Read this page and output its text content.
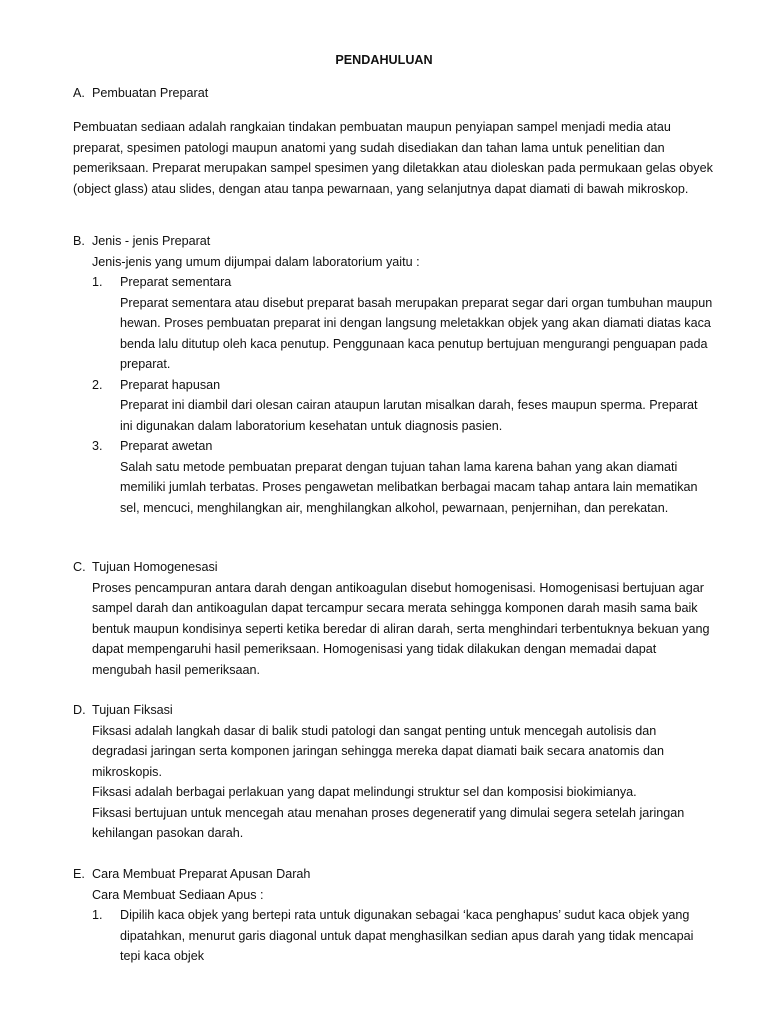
PENDAHULUAN
A. Pembuatan Preparat

Pembuatan sediaan adalah rangkaian tindakan pembuatan maupun penyiapan sampel menjadi media atau preparat, spesimen patologi maupun anatomi yang sudah disediakan dan tahan lama untuk penelitian dan pemeriksaan. Preparat merupakan sampel spesimen yang diletakkan atau dioleskan pada permukaan gelas obyek (object glass) atau slides, dengan atau tanpa pewarnaan, yang selanjutnya dapat diamati di bawah mikroskop.

B. Jenis - jenis Preparat
Jenis-jenis yang umum dijumpai dalam laboratorium yaitu :
1.	Preparat sementara
Preparat sementara atau disebut preparat basah merupakan preparat segar dari organ tumbuhan maupun hewan. Proses pembuatan preparat ini dengan langsung meletakkan objek yang akan diamati diatas kaca benda lalu ditutup oleh kaca penutup. Penggunaan kaca penutup bertujuan mengurangi penguapan pada preparat.
2.	Preparat hapusan
Preparat ini diambil dari olesan cairan ataupun larutan misalkan darah, feses maupun sperma. Preparat ini digunakan dalam laboratorium kesehatan untuk diagnosis pasien.
3.	Preparat awetan
Salah satu metode pembuatan preparat dengan tujuan tahan lama karena bahan yang akan diamati memiliki jumlah terbatas. Proses pengawetan melibatkan berbagai macam tahap antara lain mematikan sel, mencuci, menghilangkan air, menghilangkan alkohol, pewarnaan, penjernihan, dan perekatan.
C. Tujuan Homogenesasi
Proses pencampuran antara darah dengan antikoagulan disebut homogenisasi. Homogenisasi bertujuan agar sampel darah dan antikoagulan dapat tercampur secara merata sehingga komponen darah masih sama baik bentuk maupun kondisinya seperti ketika beredar di aliran darah, serta menghindari terbentuknya bekuan yang dapat mempengaruhi hasil pemeriksaan. Homogenisasi yang tidak dilakukan dengan memadai dapat mengubah hasil pemeriksaan.
D. Tujuan Fiksasi
Fiksasi adalah langkah dasar di balik studi patologi dan sangat penting untuk mencegah autolisis dan degradasi jaringan serta komponen jaringan sehingga mereka dapat diamati baik secara anatomis dan mikroskopis.
Fiksasi adalah berbagai perlakuan yang dapat melindungi struktur sel dan komposisi biokimianya.
Fiksasi bertujuan untuk mencegah atau menahan proses degeneratif yang dimulai segera setelah jaringan kehilangan pasokan darah.
E. Cara Membuat Preparat Apusan Darah
Cara Membuat Sediaan Apus :
1.	Dipilih kaca objek yang bertepi rata untuk digunakan sebagai ‘kaca penghapus’ sudut kaca objek yang dipatahkan, menurut garis diagonal untuk dapat menghasilkan sedian apus darah yang tidak mencapai tepi kaca objek
